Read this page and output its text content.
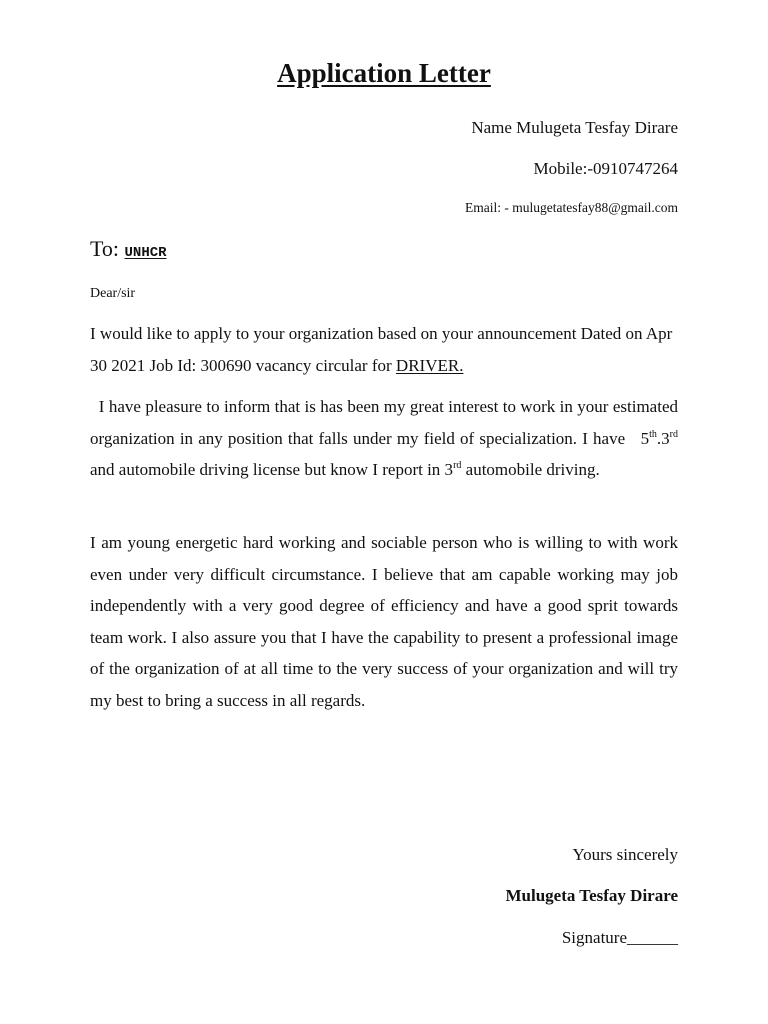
Application Letter
Name Mulugeta Tesfay Dirare
Mobile:-0910747264
Email: - mulugetatesfay88@gmail.com
To: UNHCR
Dear/sir
I would like to apply to your organization based on your announcement Dated on Apr 30 2021 Job Id: 300690 vacancy circular for DRIVER.
I have pleasure to inform that is has been my great interest to work in your estimated organization in any position that falls under my field of specialization. I have   5th.3rd and automobile driving license but know I report in 3rd automobile driving.
I am young energetic hard working and sociable person who is willing to with work even under very difficult circumstance. I believe that am capable working may job independently with a very good degree of efficiency and have a good sprit towards team work. I also assure you that I have the capability to present a professional image of the organization of at all time to the very success of your organization and will try my best to bring a success in all regards.
Yours sincerely
Mulugeta Tesfay Dirare
Signature______
